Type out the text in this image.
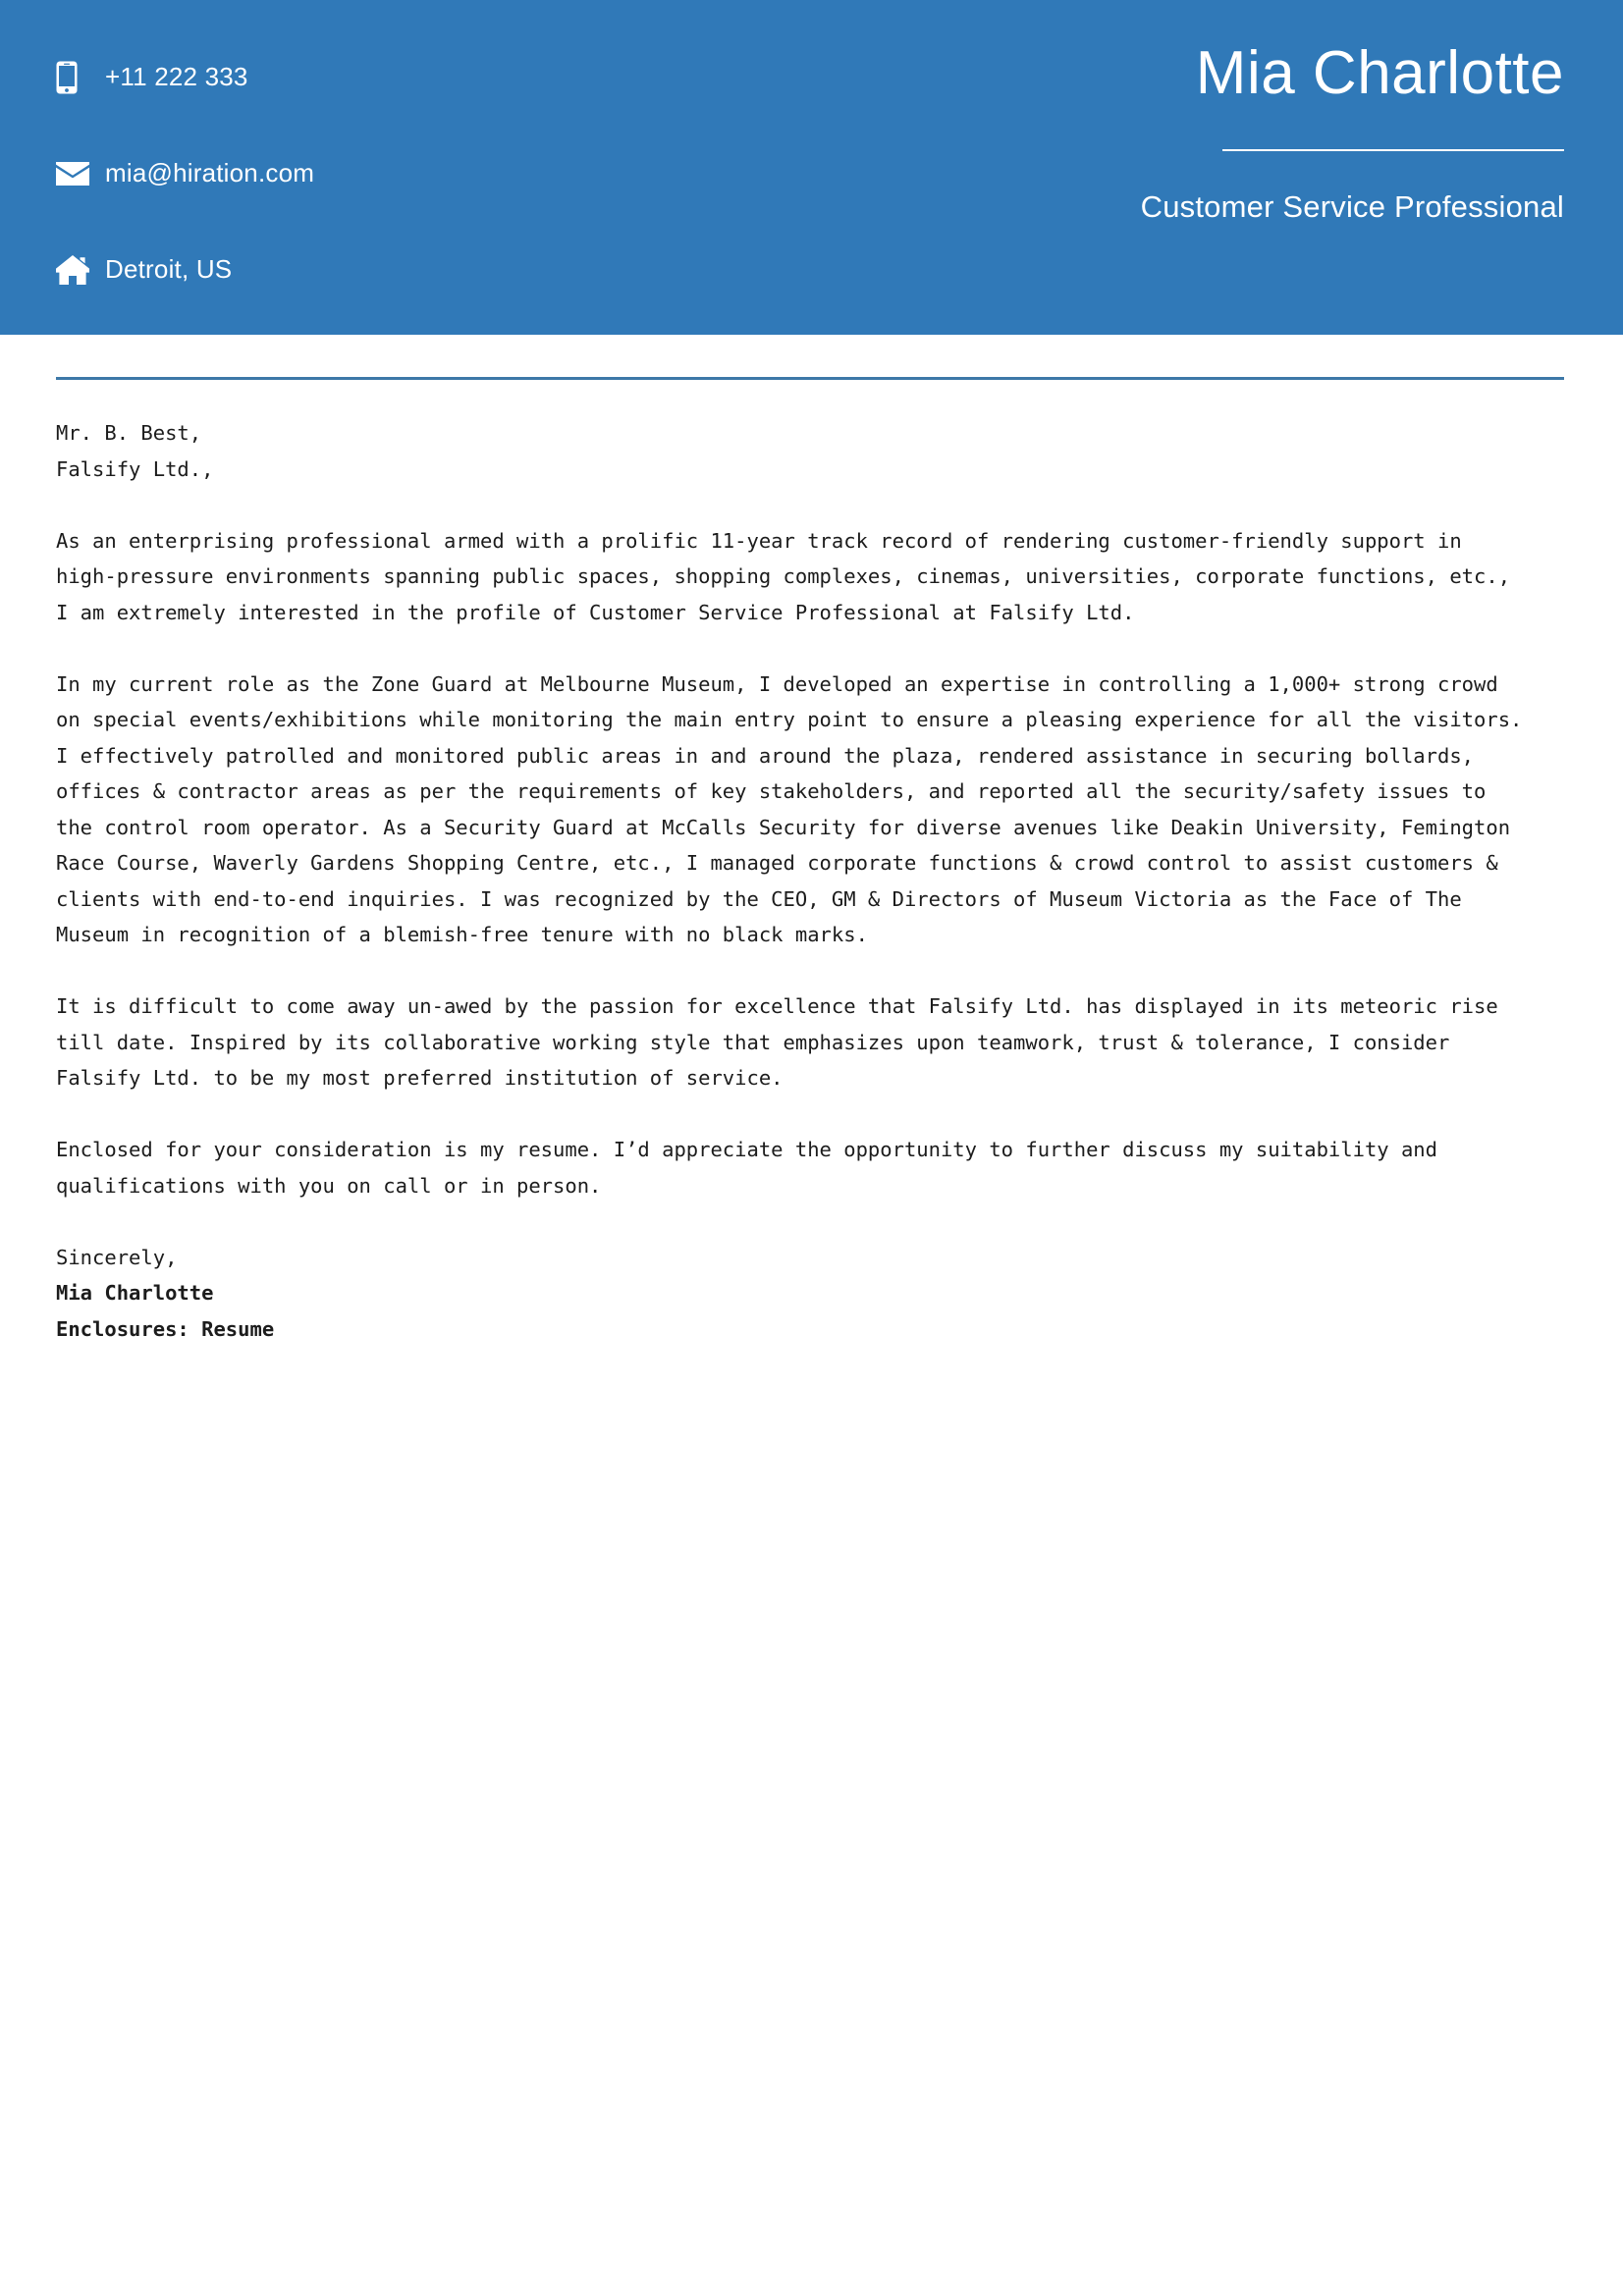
+11 222 333
mia@hiration.com
Detroit, US
Mia Charlotte
Customer Service Professional
Mr. B. Best,
Falsify Ltd.,
As an enterprising professional armed with a prolific 11-year track record of rendering customer-friendly support in
high-pressure environments spanning public spaces, shopping complexes, cinemas, universities, corporate functions, etc.,
I am extremely interested in the profile of Customer Service Professional at Falsify Ltd.
In my current role as the Zone Guard at Melbourne Museum, I developed an expertise in controlling a 1,000+ strong crowd
on special events/exhibitions while monitoring the main entry point to ensure a pleasing experience for all the visitors.
I effectively patrolled and monitored public areas in and around the plaza, rendered assistance in securing bollards,
offices & contractor areas as per the requirements of key stakeholders, and reported all the security/safety issues to
the control room operator. As a Security Guard at McCalls Security for diverse avenues like Deakin University, Femington
Race Course, Waverly Gardens Shopping Centre, etc., I managed corporate functions & crowd control to assist customers &
clients with end-to-end inquiries. I was recognized by the CEO, GM & Directors of Museum Victoria as the Face of The
Museum in recognition of a blemish-free tenure with no black marks.
It is difficult to come away un-awed by the passion for excellence that Falsify Ltd. has displayed in its meteoric rise
till date. Inspired by its collaborative working style that emphasizes upon teamwork, trust & tolerance, I consider
Falsify Ltd. to be my most preferred institution of service.
Enclosed for your consideration is my resume. I’d appreciate the opportunity to further discuss my suitability and
qualifications with you on call or in person.
Sincerely,
Mia Charlotte
Enclosures: Resume
